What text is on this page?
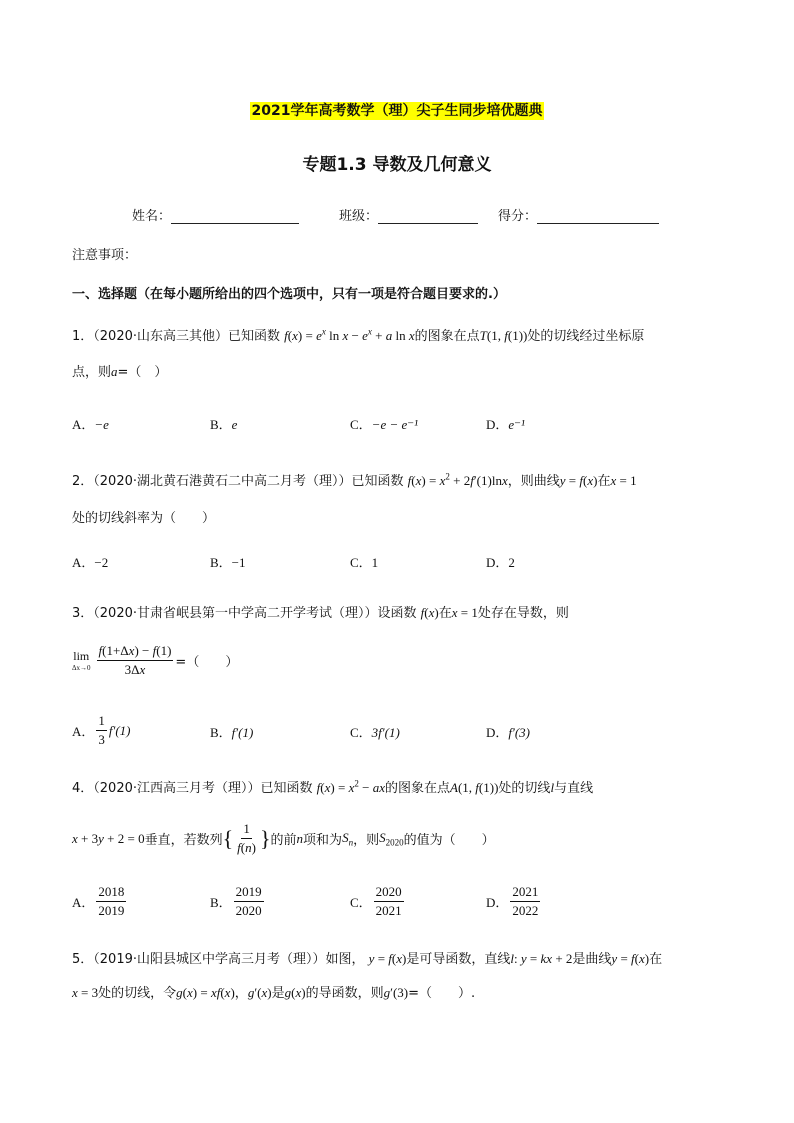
2021学年高考数学（理）尖子生同步培优题典
专题1.3 导数及几何意义
姓名：	班级：	得分：
注意事项：
一、选择题（在每小题所给出的四个选项中，只有一项是符合题目要求的.）
1．（2020·山东高三其他）已知函数 $f(x) = e^x$ $\ln x - e^x + a$ ln x的图象在点T(1, f(1))处的切线经过坐标原
点，则a=（　）
A．−e	B．e	C．−e − e⁻¹	D．e⁻¹
2．（2020·湖北黄石港黄石二中高二月考（理））已知函数 $f(x) = x^2 + 2f'(1)\ln x$，则曲线y = f(x)在x = 1
处的切线斜率为（　　）
A．−2	B．−1	C．1	D．2
3．（2020·甘肃省岷县第一中学高二开学考试（理））设函数 f(x)在x = 1处存在导数，则
lim
$\Delta x\to 0 \frac{f(1+\Delta x) - f(1)}{3\Delta x}$ =（　　）
A． $\frac{1}{3} f'(1)$	B．f′(1)	C．3f′(1)	D．f′(3)
4．（2020·江西高三月考（理））已知函数 $f(x) = x^2$ − ax的图象在点A(1, f(1))处的切线l与直线
x + 3 y + 2 = 0 垂直，若数列 { $\frac{1}{f(n)}$ } 的前 n 项和为 $S_n$ ，则 $S_{2020}$ 的值为（　　）
A． $\frac{2018}{2019}$	B． $\frac{2019}{2020}$	C． $\frac{2020}{2021}$	D． $\frac{2021}{2022}$
5．（2019·山阳县城区中学高三月考（理））如图， y = f(x)是可导函数，直线l: y = kx + 2是曲线y = f(x)在
x = 3处的切线，令g(x) = xf(x)，g′(x)是g(x)的导函数，则g′(3)=（　　）.
